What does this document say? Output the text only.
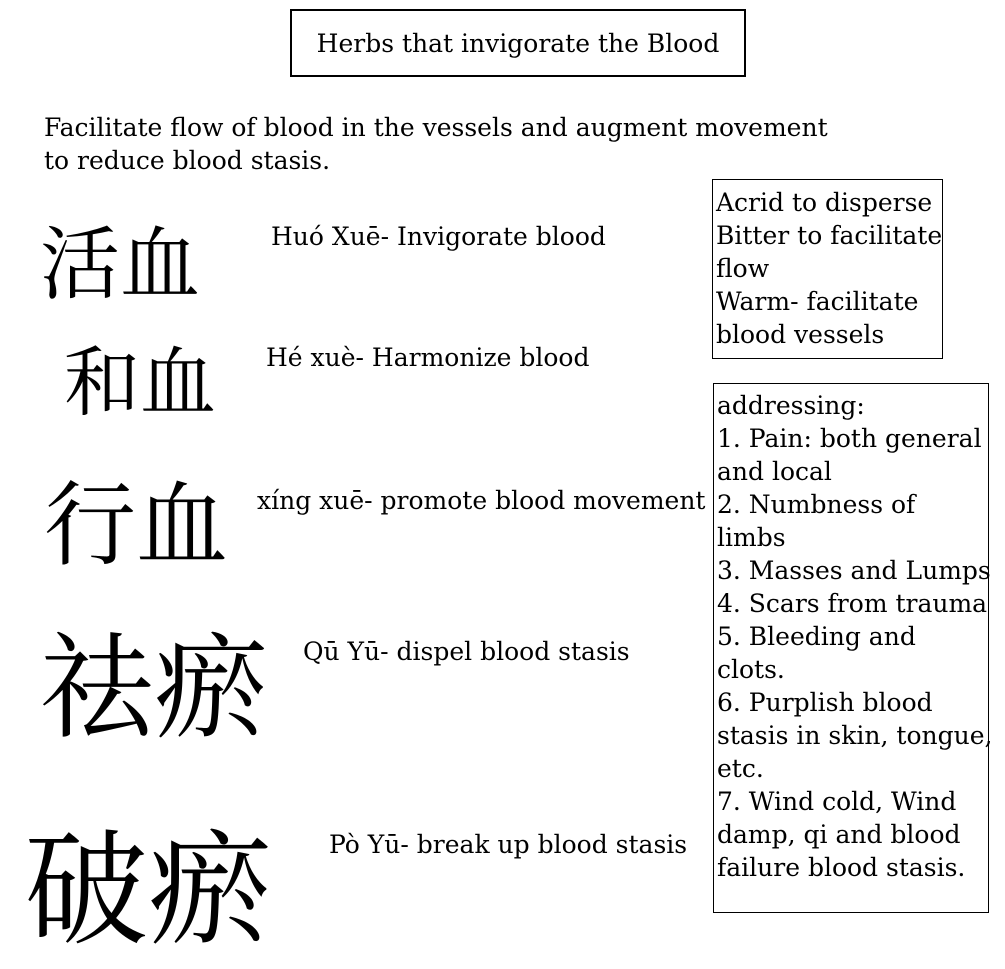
Herbs that invigorate the Blood
Facilitate flow of blood in the vessels and augment movement to reduce blood stasis.
活血
和血
行血
祛瘀
破瘀
Huó Xuē- Invigorate blood
Hé xuè- Harmonize blood
xíng xuē- promote blood movement
Qū Yū- dispel blood stasis
Pò Yū- break up blood stasis
Acrid to disperse
Bitter to facilitate
flow
Warm- facilitate
blood vessels
addressing:
1. Pain: both general
and local
2. Numbness of
limbs
3. Masses and Lumps
4. Scars from trauma
5. Bleeding and
clots.
6. Purplish blood
stasis in skin, tongue,
etc.
7. Wind cold, Wind
damp, qi and blood
failure blood stasis.
